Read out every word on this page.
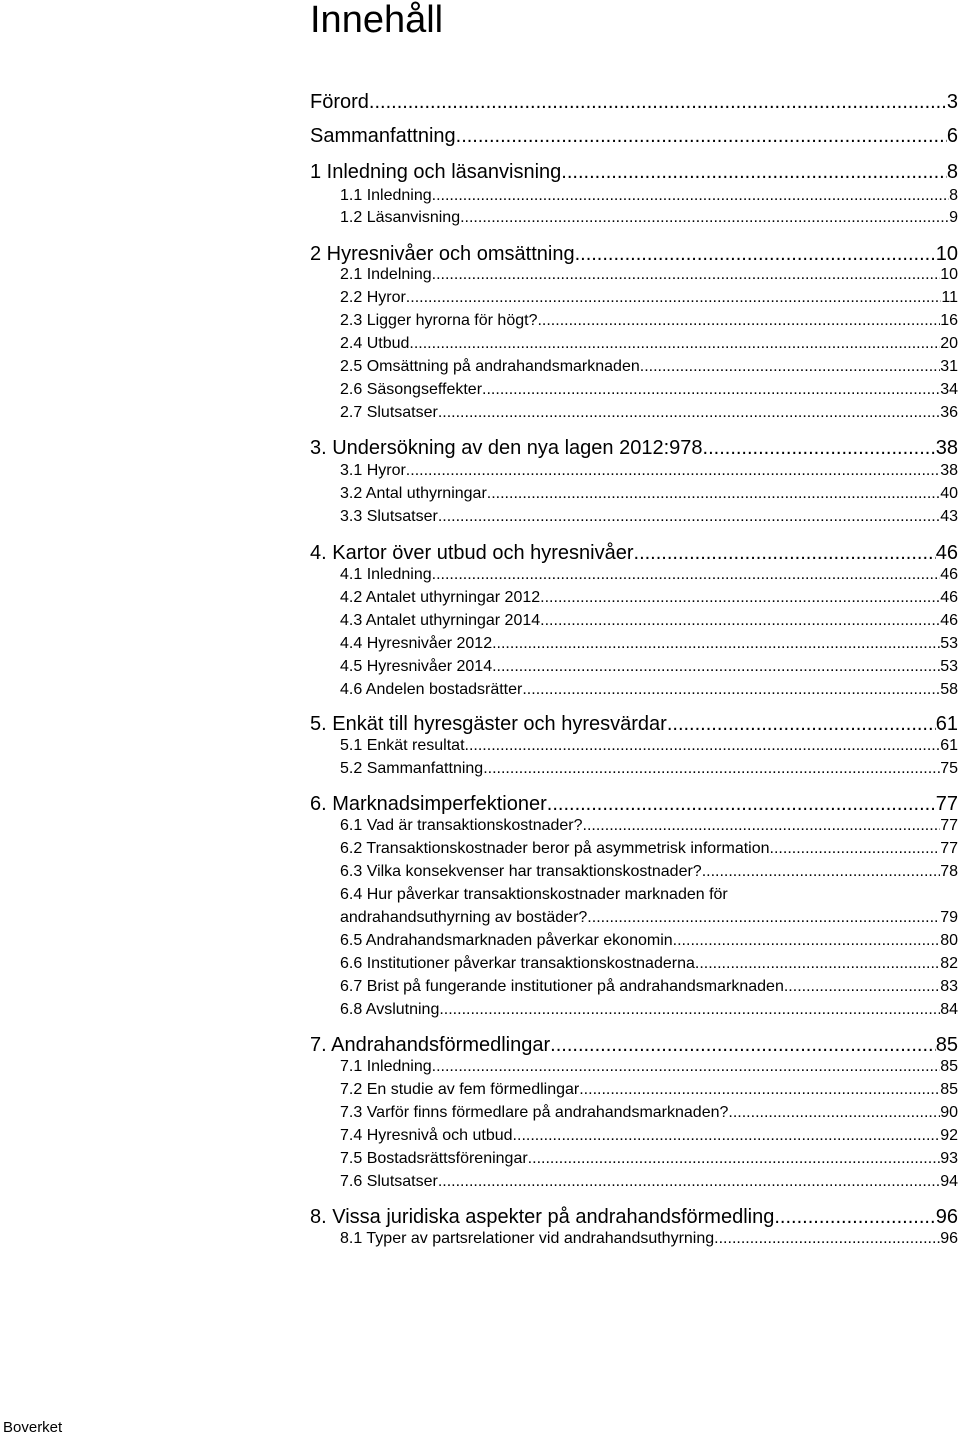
Innehåll
Förord .....	3
Sammanfattning .....	6
1 Inledning och läsanvisning .....	8
1.1 Inledning .....	8
1.2 Läsanvisning .....	9
2 Hyresnivåer och omsättning .....	10
2.1 Indelning .....	10
2.2 Hyror .....	11
2.3 Ligger hyrorna för högt? .....	16
2.4 Utbud .....	20
2.5 Omsättning på andrahandsmarknaden .....	31
2.6 Säsongseffekter .....	34
2.7 Slutsatser .....	36
3. Undersökning av den nya lagen 2012:978 .....	38
3.1 Hyror .....	38
3.2 Antal uthyrningar .....	40
3.3 Slutsatser .....	43
4. Kartor över utbud och hyresnivåer .....	46
4.1 Inledning .....	46
4.2 Antalet uthyrningar 2012 .....	46
4.3 Antalet uthyrningar 2014 .....	46
4.4 Hyresnivåer 2012 .....	53
4.5 Hyresnivåer 2014 .....	53
4.6 Andelen bostadsrätter .....	58
5. Enkät till hyresgäster och hyresvärdar .....	61
5.1 Enkät resultat .....	61
5.2 Sammanfattning .....	75
6. Marknadsimperfektioner .....	77
6.1 Vad är transaktionskostnader? .....	77
6.2 Transaktionskostnader beror på asymmetrisk information .....	77
6.3 Vilka konsekvenser har transaktionskostnader? .....	78
6.4 Hur påverkar transaktionskostnader marknaden för
andrahandsuthyrning av bostäder? .....	79
6.5 Andrahandsmarknaden påverkar ekonomin .....	80
6.6 Institutioner påverkar transaktionskostnaderna .....	82
6.7 Brist på fungerande institutioner på andrahandsmarknaden .....	83
6.8 Avslutning .....	84
7. Andrahandsförmedlingar .....	85
7.1 Inledning .....	85
7.2 En studie av fem förmedlingar .....	85
7.3 Varför finns förmedlare på andrahandsmarknaden? .....	90
7.4 Hyresnivå och utbud .....	92
7.5 Bostadsrättsföreningar .....	93
7.6 Slutsatser .....	94
8. Vissa juridiska aspekter på andrahandsförmedling .....	96
8.1 Typer av partsrelationer vid andrahandsuthyrning .....	96
Boverket
